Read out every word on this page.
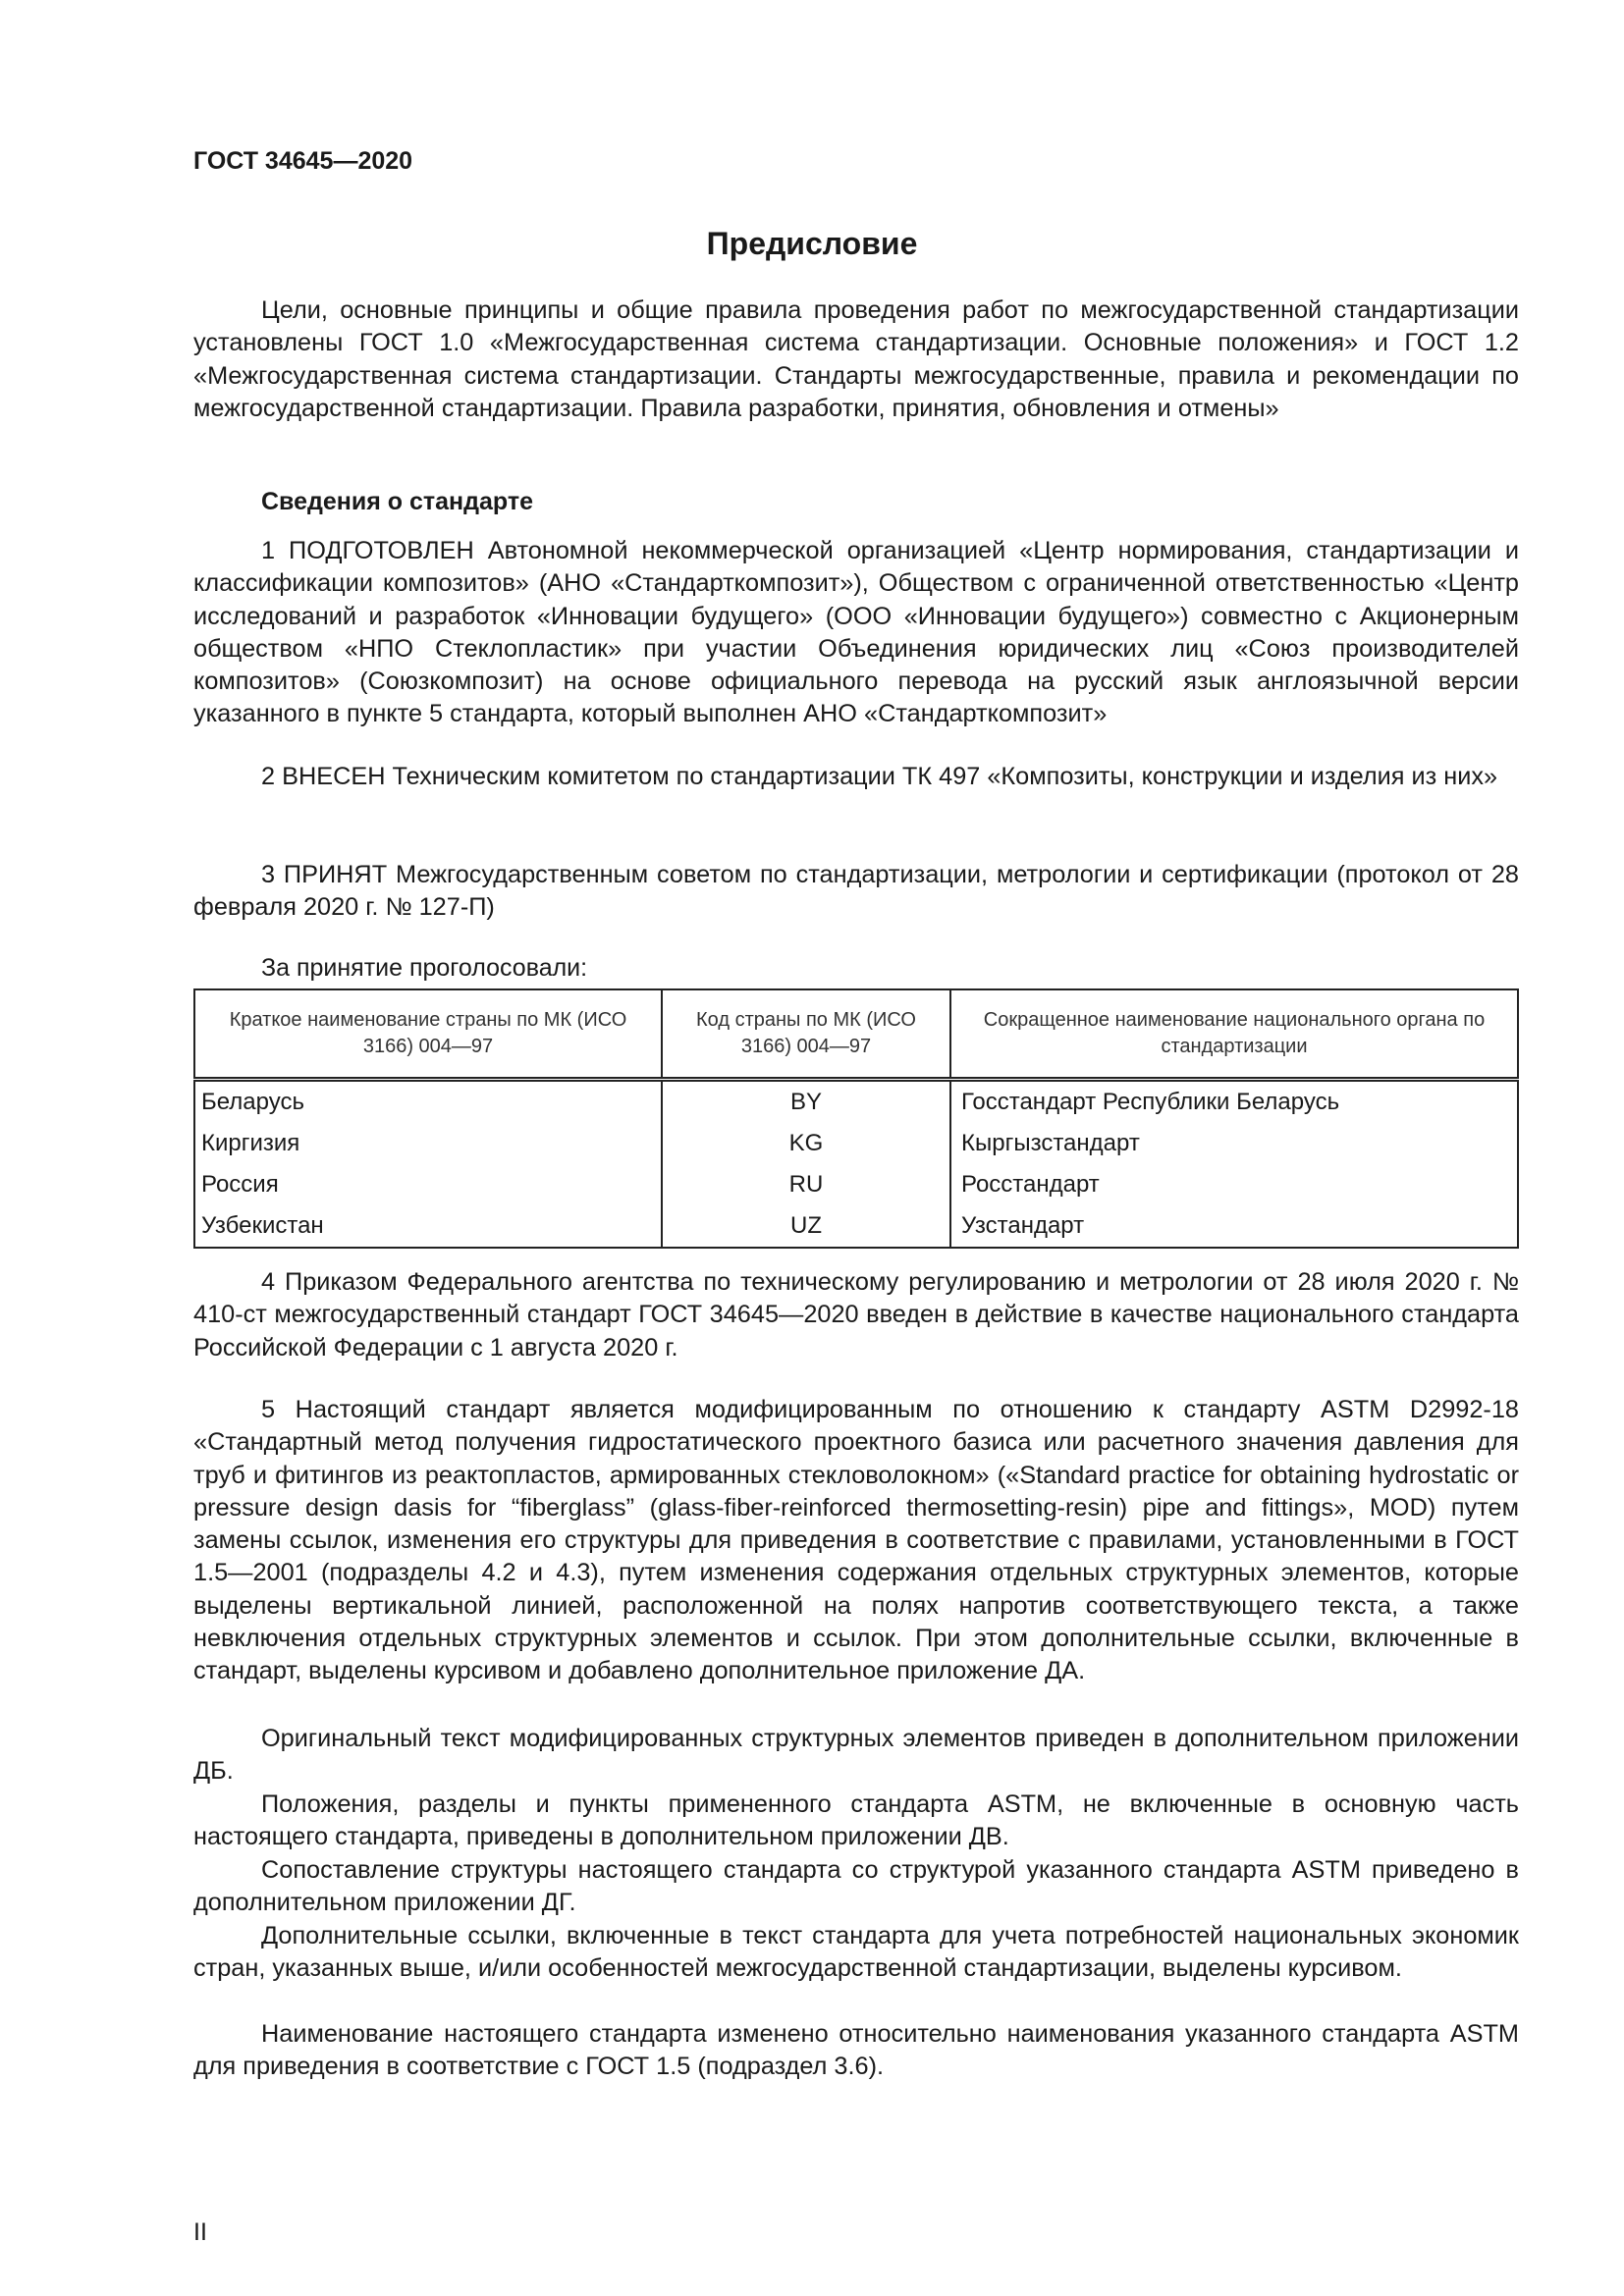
ГОСТ 34645—2020
Предисловие
Цели, основные принципы и общие правила проведения работ по межгосударственной стандартизации установлены ГОСТ 1.0 «Межгосударственная система стандартизации. Основные положения» и ГОСТ 1.2 «Межгосударственная система стандартизации. Стандарты межгосударственные, правила и рекомендации по межгосударственной стандартизации. Правила разработки, принятия, обновления и отмены»
Сведения о стандарте
1 ПОДГОТОВЛЕН Автономной некоммерческой организацией «Центр нормирования, стандартизации и классификации композитов» (АНО «Стандарткомпозит»), Обществом с ограниченной ответственностью «Центр исследований и разработок «Инновации будущего» (ООО «Инновации будущего») совместно с Акционерным обществом «НПО Стеклопластик» при участии Объединения юридических лиц «Союз производителей композитов» (Союзкомпозит) на основе официального перевода на русский язык англоязычной версии указанного в пункте 5 стандарта, который выполнен АНО «Стандарткомпозит»
2 ВНЕСЕН Техническим комитетом по стандартизации ТК 497 «Композиты, конструкции и изделия из них»
3 ПРИНЯТ Межгосударственным советом по стандартизации, метрологии и сертификации (протокол от 28 февраля 2020 г. № 127-П)
За принятие проголосовали:
Краткое наименование страны по МК (ИСО 3166) 004—97	Код страны по МК (ИСО 3166) 004—97	Сокращенное наименование национального органа по стандартизации
Беларусь	BY	Госстандарт Республики Беларусь
Киргизия	KG	Кыргызстандарт
Россия	RU	Росстандарт
Узбекистан	UZ	Узстандарт
4 Приказом Федерального агентства по техническому регулированию и метрологии от 28 июля 2020 г. № 410-ст межгосударственный стандарт ГОСТ 34645—2020 введен в действие в качестве национального стандарта Российской Федерации с 1 августа 2020 г.
5 Настоящий стандарт является модифицированным по отношению к стандарту ASTM D2992-18 «Стандартный метод получения гидростатического проектного базиса или расчетного значения давления для труб и фитингов из реактопластов, армированных стекловолокном» («Standard practice for obtaining hydrostatic or pressure design dasis for “fiberglass” (glass-fiber-reinforced thermosetting-resin) pipe and fittings», MOD) путем замены ссылок, изменения его структуры для приведения в соответствие с правилами, установленными в ГОСТ 1.5—2001 (подразделы 4.2 и 4.3), путем изменения содержания отдельных структурных элементов, которые выделены вертикальной линией, расположенной на полях напротив соответствующего текста, а также невключения отдельных структурных элементов и ссылок. При этом дополнительные ссылки, включенные в стандарт, выделены курсивом и добавлено дополнительное приложение ДА.
Оригинальный текст модифицированных структурных элементов приведен в дополнительном приложении ДБ.
Положения, разделы и пункты примененного стандарта ASTM, не включенные в основную часть настоящего стандарта, приведены в дополнительном приложении ДВ.
Сопоставление структуры настоящего стандарта со структурой указанного стандарта ASTM приведено в дополнительном приложении ДГ.
Дополнительные ссылки, включенные в текст стандарта для учета потребностей национальных экономик стран, указанных выше, и/или особенностей межгосударственной стандартизации, выделены курсивом.
Наименование настоящего стандарта изменено относительно наименования указанного стандарта ASTM для приведения в соответствие с ГОСТ 1.5 (подраздел 3.6).
II
